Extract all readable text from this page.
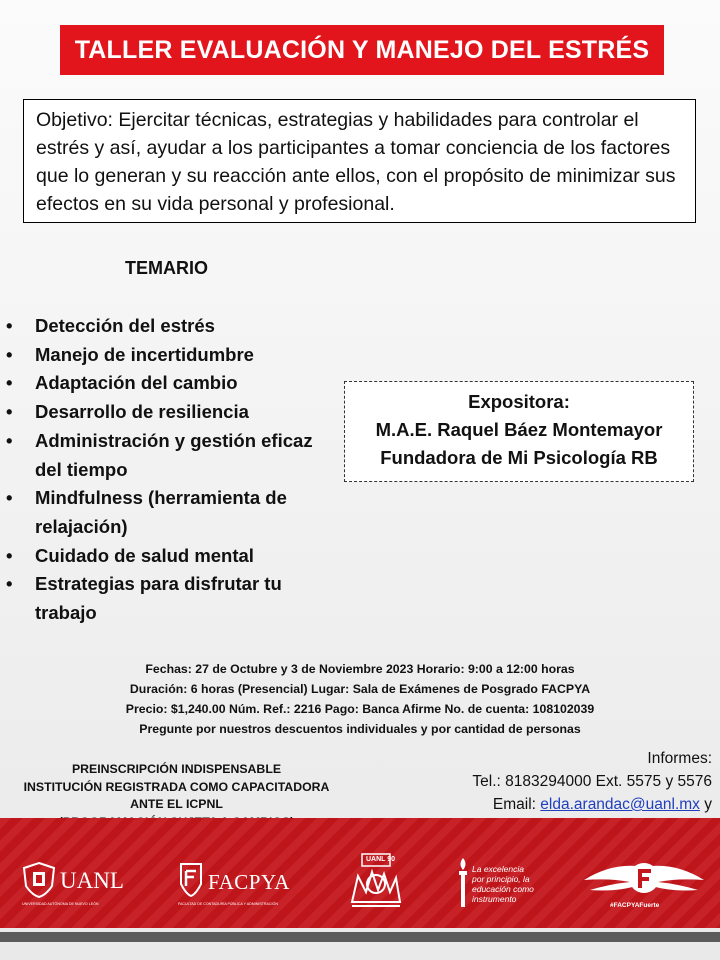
TALLER EVALUACIÓN Y MANEJO DEL ESTRÉS
Objetivo: Ejercitar técnicas, estrategias y habilidades para controlar el estrés y así, ayudar a los participantes a tomar conciencia de los factores que lo generan y su reacción ante ellos, con el propósito de minimizar sus efectos en su vida personal y profesional.
TEMARIO
• Detección del estrés
• Manejo de incertidumbre
• Adaptación del cambio
• Desarrollo de resiliencia
• Administración y gestión eficaz del tiempo
• Mindfulness (herramienta de relajación)
• Cuidado de salud mental
• Estrategias para disfrutar tu trabajo
Expositora:
M.A.E. Raquel Báez Montemayor
Fundadora de Mi Psicología RB
Fechas: 27 de Octubre y 3 de Noviembre 2023 Horario: 9:00 a 12:00 horas
Duración: 6 horas (Presencial) Lugar: Sala de Exámenes de Posgrado FACPYA
Precio: $1,240.00 Núm. Ref.: 2216 Pago: Banca Afirme No. de cuenta: 108102039
Pregunte por nuestros descuentos individuales y por cantidad de personas
PREINSCRIPCIÓN INDISPENSABLE
INSTITUCIÓN REGISTRADA COMO CAPACITADORA
ANTE EL ICPNL
Informes:
Tel.: 8183294000 Ext. 5575 y 5576
Email: elda.arandac@uanl.mx y
UANL
UNIVERSIDAD AUTÓNOMA DE NUEVO LEÓN
FACPYA
FACULTAD DE CONTADURÍA PÚBLICA Y ADMINISTRACIÓN
UANL 90
La excelencia por principio, la educación como instrumento
#FACPYAFuerte
